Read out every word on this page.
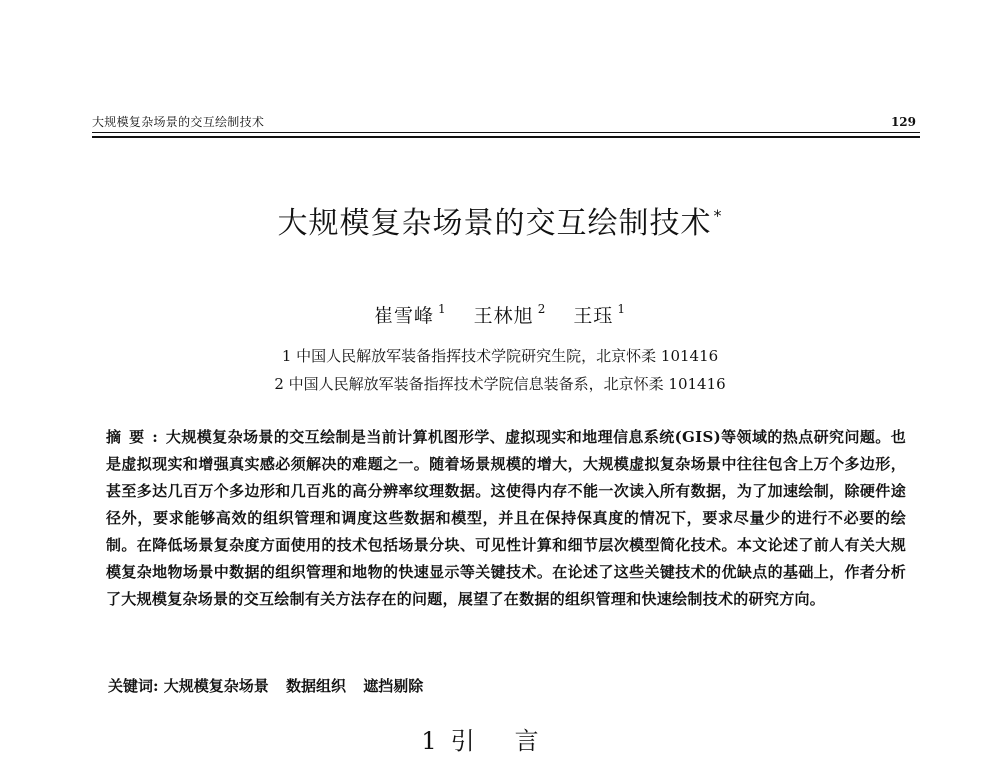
大规模复杂场景的交互绘制技术	129
大规模复杂场景的交互绘制技术 *
崔雪峰 $^1$ 王林旭 $^2$ 王珏 $^1$
1 中国人民解放军装备指挥技术学院研究生院，北京怀柔 101416
2 中国人民解放军装备指挥技术学院信息装备系，北京怀柔 101416
摘要:大规模复杂场景的交互绘制是当前计算机图形学、虚拟现实和地理信息系统(GIS)等领域的热点研究问题。也是虚拟现实和增强真实感必须解决的难题之一。随着场景规模的增大，大规模虚拟复杂场景中往往包含上万个多边形，甚至多达几百万个多边形和几百兆的高分辨率纹理数据。这使得内存不能一次读入所有数据，为了加速绘制，除硬件途径外，要求能够高效的组织管理和调度这些数据和模型，并且在保持保真度的情况下，要求尽量少的进行不必要的绘制。在降低场景复杂度方面使用的技术包括场景分块、可见性计算和细节层次模型简化技术。本文论述了前人有关大规模复杂地物场景中数据的组织管理和地物的快速显示等关键技术。在论述了这些关键技术的优缺点的基础上，作者分析了大规模复杂场景的交互绘制有关方法存在的问题，展望了在数据的组织管理和快速绘制技术的研究方向。
关键词: 大规模复杂场景 数据组织 遮挡剔除
1 引言
